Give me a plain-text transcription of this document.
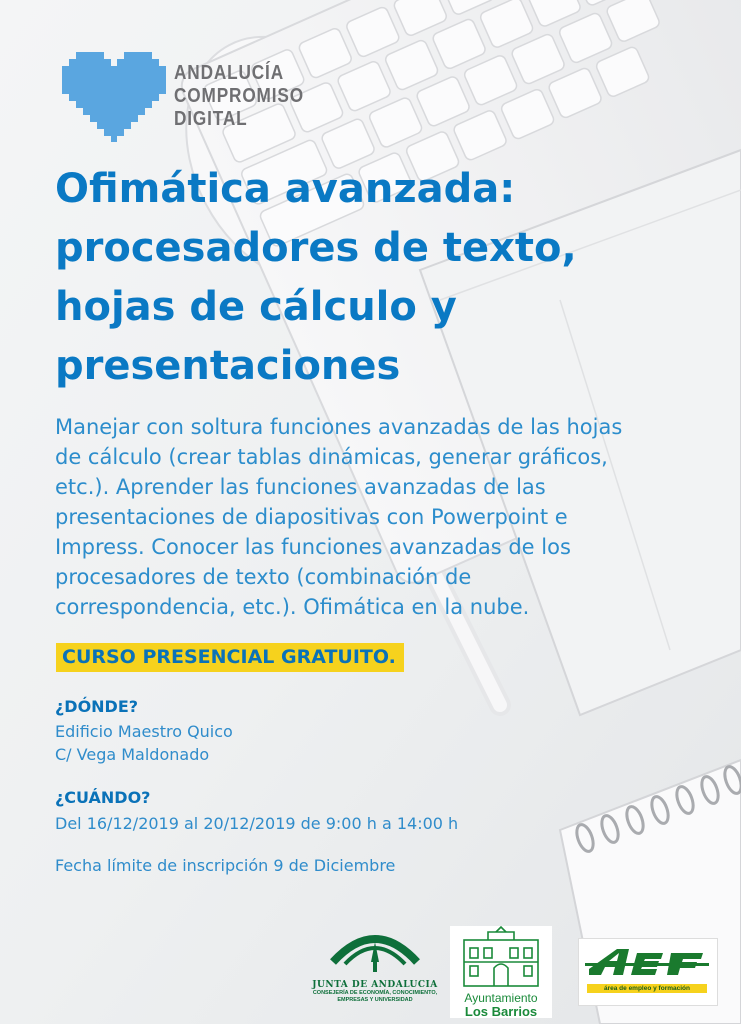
ANDALUCÍA
COMPROMISO
DIGITAL
Ofimática avanzada:
procesadores de texto,
hojas de cálculo y
presentaciones
Manejar con soltura funciones avanzadas de las hojas
de cálculo (crear tablas dinámicas, generar gráficos,
etc.). Aprender las funciones avanzadas de las
presentaciones de diapositivas con Powerpoint e
Impress. Conocer las funciones avanzadas de los
procesadores de texto (combinación de
correspondencia, etc.). Ofimática en la nube.
CURSO PRESENCIAL GRATUITO.
¿DÓNDE?
Edificio Maestro Quico
C/ Vega Maldonado
¿CUÁNDO?
Del 16/12/2019 al 20/12/2019 de 9:00 h a 14:00 h
Fecha límite de inscripción 9 de Diciembre
JUNTA DE ANDALUCIA
CONSEJERÍA DE ECONOMÍA, CONOCIMIENTO,
EMPRESAS Y UNIVERSIDAD	Ayuntamiento
Los Barrios
área de empleo y formación
